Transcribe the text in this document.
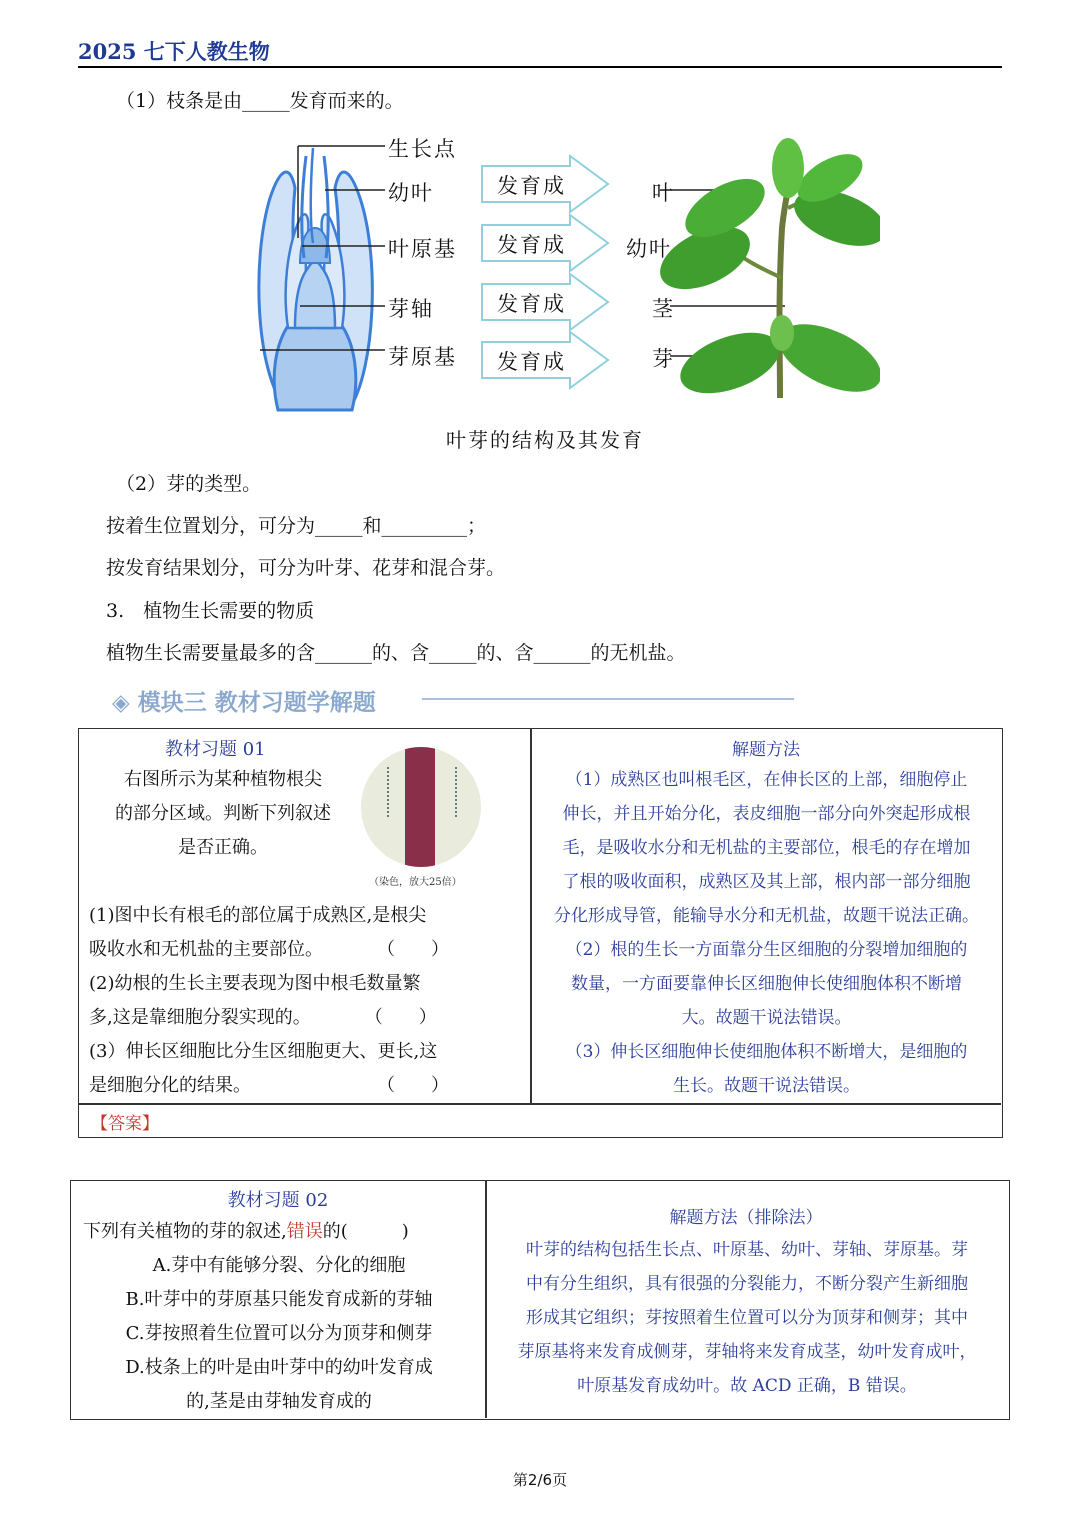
2025 七下人教生物
（1）枝条是由_____发育而来的。
生长点
幼叶
叶原基
芽轴
芽原基
发育成
发育成
发育成
发育成
叶
幼叶
茎
芽
叶芽的结构及其发育
（2）芽的类型。
按着生位置划分，可分为_____和_________；
按发育结果划分，可分为叶芽、花芽和混合芽。
3.　植物生长需要的物质
植物生长需要量最多的含______的、含_____的、含______的无机盐。
◈ 模块三 教材习题学解题
教材习题 01
右图所示为某种植物根尖
的部分区域。判断下列叙述
是否正确。
（染色，放大25倍）
(1)图中长有根毛的部位属于成熟区,是根尖
吸收水和无机盐的主要部位。　　　　（　　）
(2)幼根的生长主要表现为图中根毛数量繁
多,这是靠细胞分裂实现的。　　　　（　　）
(3）伸长区细胞比分生区细胞更大、更长,这
是细胞分化的结果。　　　　　　　　（　　）
解题方法
（1）成熟区也叫根毛区，在伸长区的上部，细胞停止
伸长，并且开始分化，表皮细胞一部分向外突起形成根
毛，是吸收水分和无机盐的主要部位，根毛的存在增加
了根的吸收面积，成熟区及其上部，根内部一部分细胞
分化形成导管，能输导水分和无机盐，故题干说法正确。
（2）根的生长一方面靠分生区细胞的分裂增加细胞的
数量，一方面要靠伸长区细胞伸长使细胞体积不断增
大。故题干说法错误。
（3）伸长区细胞伸长使细胞体积不断增大，是细胞的
生长。故题干说法错误。
【答案】
教材习题 02
下列有关植物的芽的叙述,错误的(　　　)
A.芽中有能够分裂、分化的细胞
B.叶芽中的芽原基只能发育成新的芽轴
C.芽按照着生位置可以分为顶芽和侧芽
D.枝条上的叶是由叶芽中的幼叶发育成
的,茎是由芽轴发育成的
解题方法（排除法）
叶芽的结构包括生长点、叶原基、幼叶、芽轴、芽原基。芽
中有分生组织，具有很强的分裂能力，不断分裂产生新细胞
形成其它组织；芽按照着生位置可以分为顶芽和侧芽；其中
芽原基将来发育成侧芽，芽轴将来发育成茎，幼叶发育成叶，
叶原基发育成幼叶。故 ACD 正确，B 错误。
第2/6页
